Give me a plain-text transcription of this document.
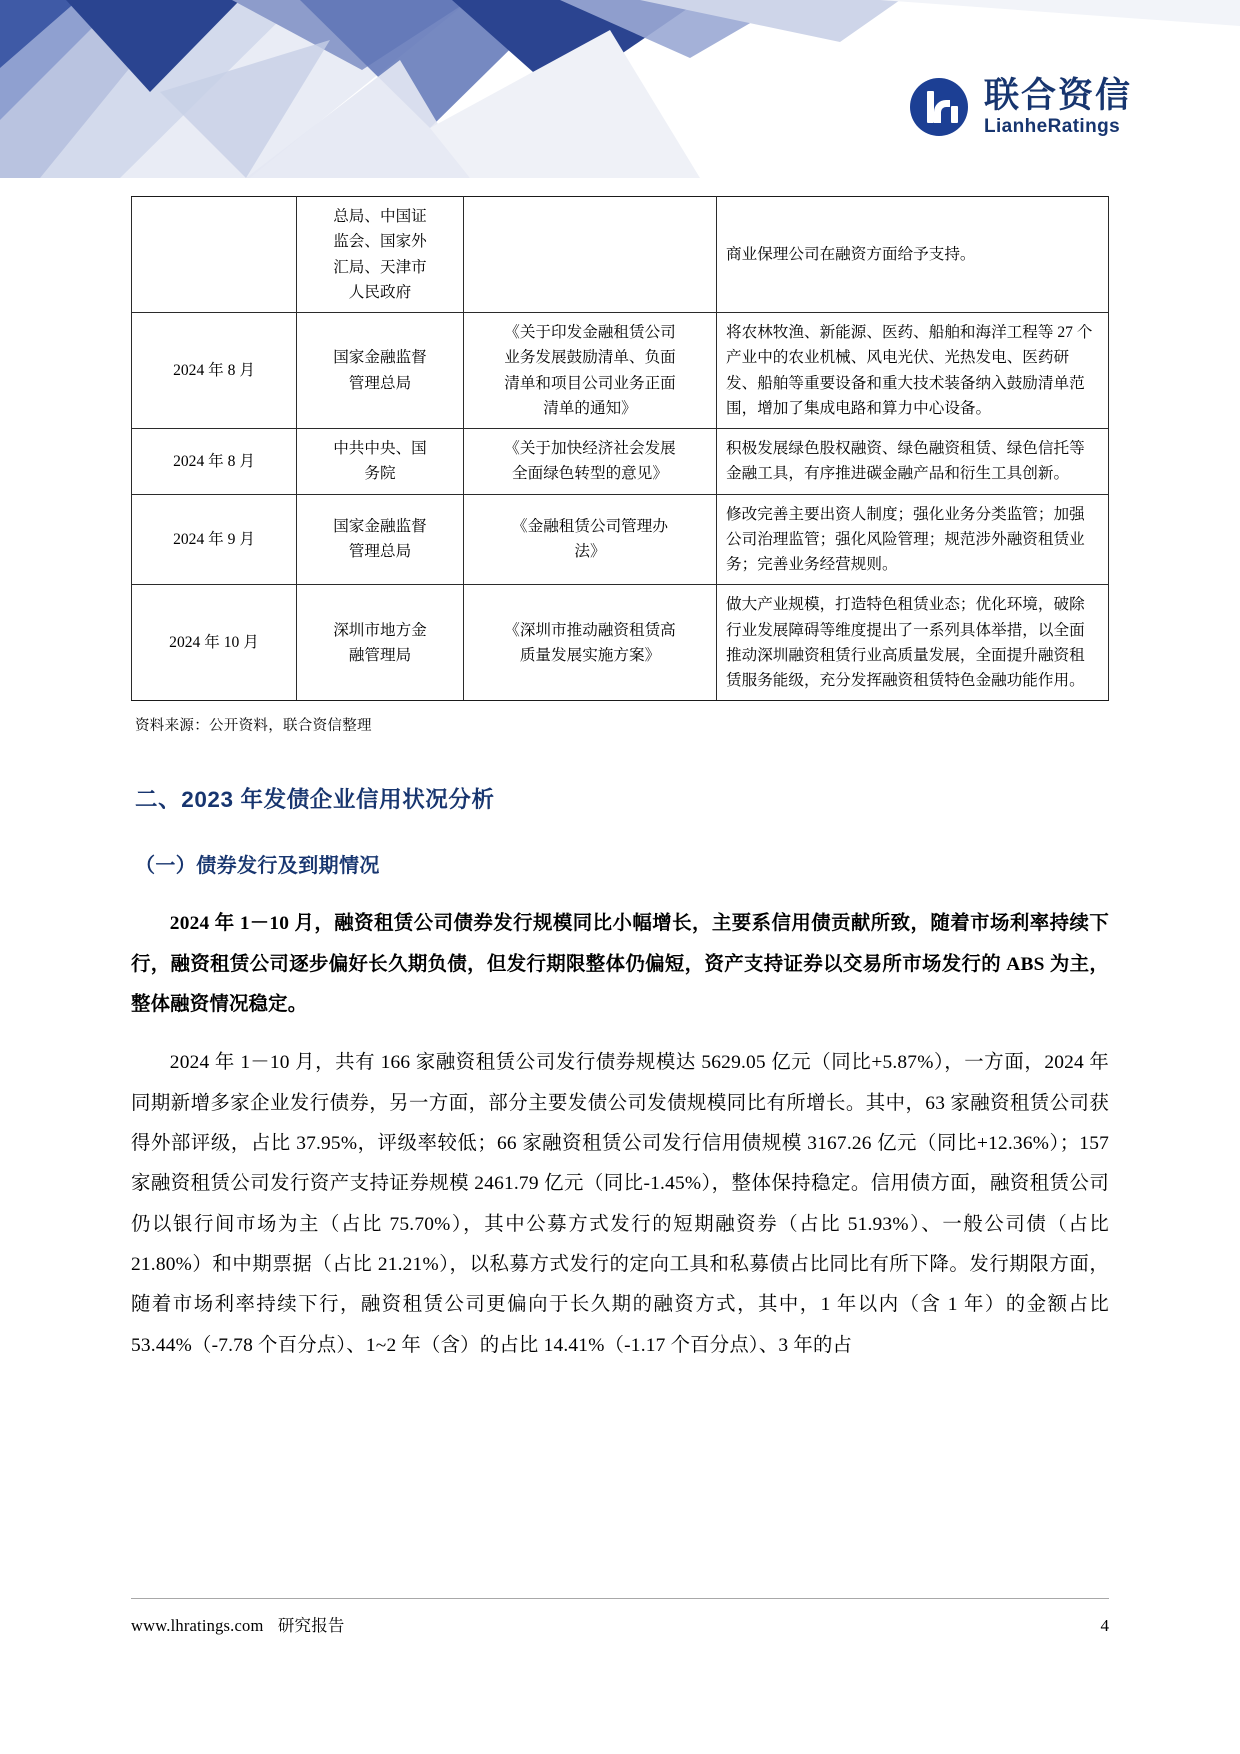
联合资信
LianheRatings

	总局、中国证
监会、国家外
汇局、天津市
人民政府		商业保理公司在融资方面给予支持。
2024 年 8 月	国家金融监督
管理总局	《关于印发金融租赁公司
业务发展鼓励清单、负面
清单和项目公司业务正面
清单的通知》	将农林牧渔、新能源、医药、船舶和海洋工程等 27 个产业中的农业机械、风电光伏、光热发电、医药研发、船舶等重要设备和重大技术装备纳入鼓励清单范围，增加了集成电路和算力中心设备。
2024 年 8 月	中共中央、国
务院	《关于加快经济社会发展
全面绿色转型的意见》	积极发展绿色股权融资、绿色融资租赁、绿色信托等金融工具，有序推进碳金融产品和衍生工具创新。
2024 年 9 月	国家金融监督
管理总局	《金融租赁公司管理办
法》	修改完善主要出资人制度；强化业务分类监管；加强公司治理监管；强化风险管理；规范涉外融资租赁业务；完善业务经营规则。
2024 年 10 月	深圳市地方金
融管理局	《深圳市推动融资租赁高
质量发展实施方案》	做大产业规模，打造特色租赁业态；优化环境，破除行业发展障碍等维度提出了一系列具体举措，以全面推动深圳融资租赁行业高质量发展，全面提升融资租赁服务能级，充分发挥融资租赁特色金融功能作用。
资料来源：公开资料，联合资信整理
二、2023 年发债企业信用状况分析
（一）债券发行及到期情况

2024 年 1－10 月，融资租赁公司债券发行规模同比小幅增长，主要系信用债贡献所致，随着市场利率持续下行，融资租赁公司逐步偏好长久期负债，但发行期限整体仍偏短，资产支持证券以交易所市场发行的 ABS 为主，整体融资情况稳定。

2024 年 1－10 月，共有 166 家融资租赁公司发行债券规模达 5629.05 亿元（同比+5.87%），一方面，2024 年同期新增多家企业发行债券，另一方面，部分主要发债公司发债规模同比有所增长。其中，63 家融资租赁公司获得外部评级，占比 37.95%，评级率较低；66 家融资租赁公司发行信用债规模 3167.26 亿元（同比+12.36%）；157 家融资租赁公司发行资产支持证券规模 2461.79 亿元（同比-1.45%），整体保持稳定。信用债方面，融资租赁公司仍以银行间市场为主（占比 75.70%），其中公募方式发行的短期融资券（占比 51.93%）、一般公司债（占比 21.80%）和中期票据（占比 21.21%），以私募方式发行的定向工具和私募债占比同比有所下降。发行期限方面，随着市场利率持续下行，融资租赁公司更偏向于长久期的融资方式，其中，1 年以内（含 1 年）的金额占比 53.44%（-7.78 个百分点）、1~2 年（含）的占比 14.41%（-1.17 个百分点）、3 年的占

www.lhratings.com 研究报告	4
